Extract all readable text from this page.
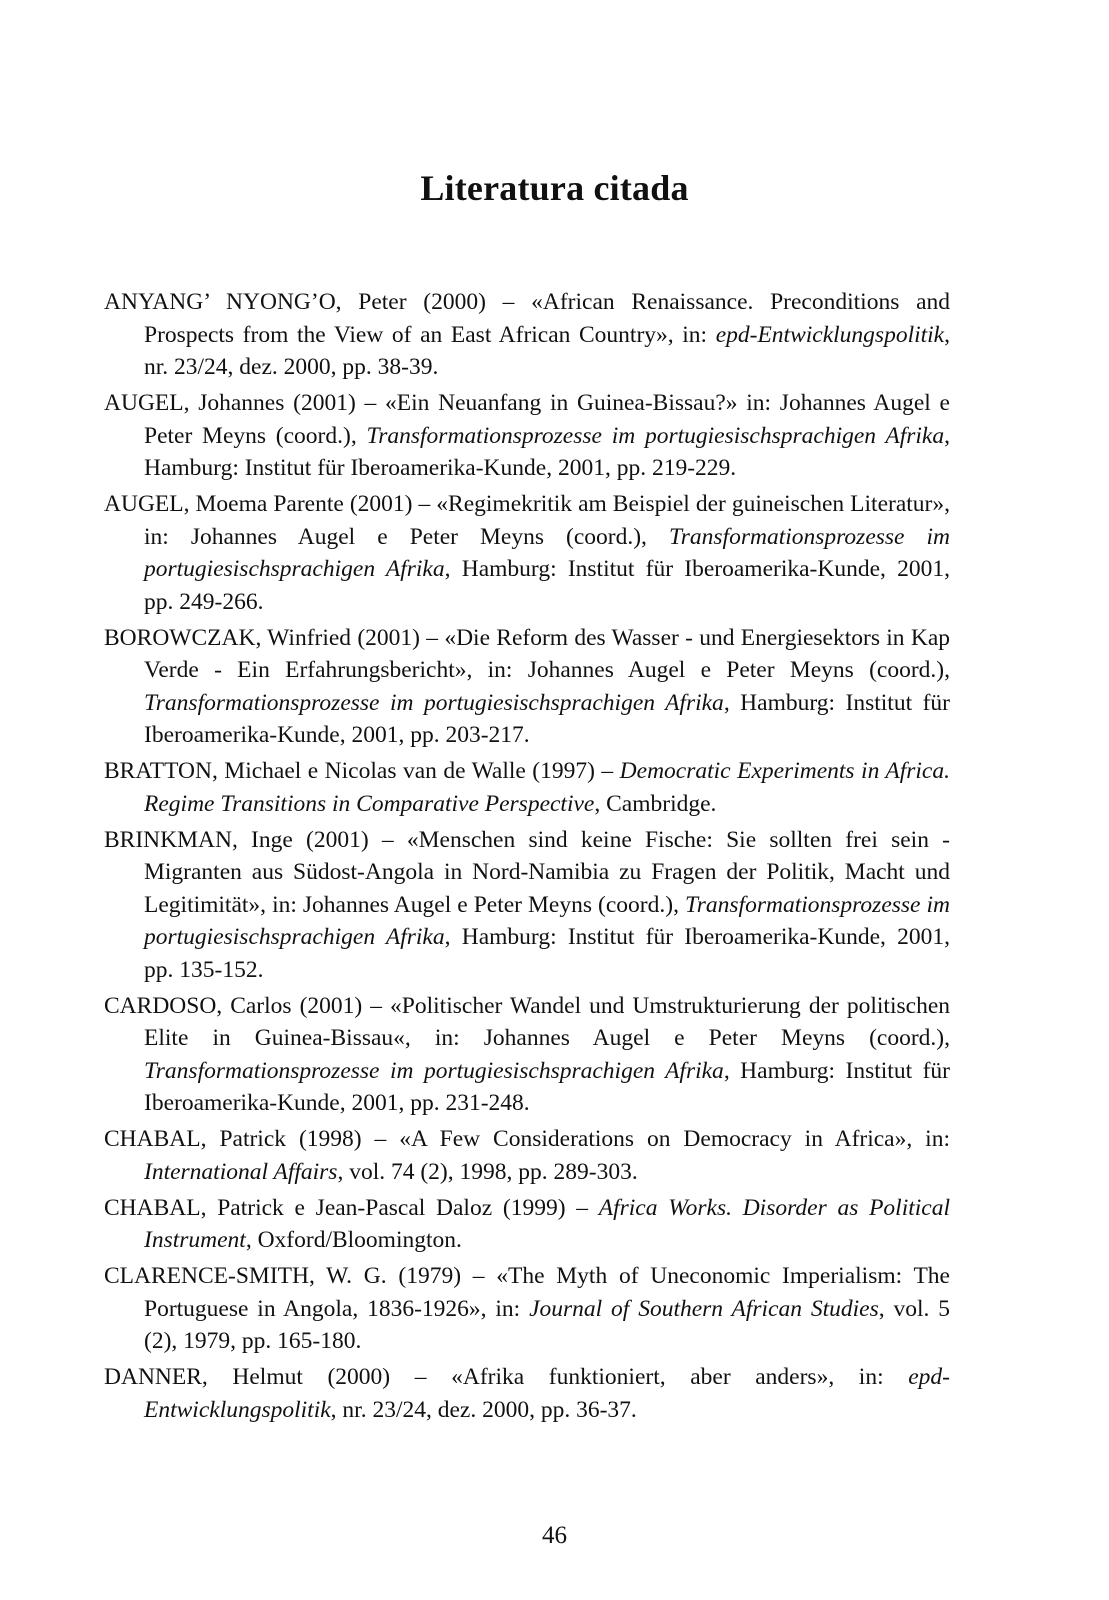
Literatura citada

ANYANG’ NYONG’O, Peter (2000) – «African Renaissance. Preconditions and Prospects from the View of an East African Country», in: epd-Entwicklungspolitik, nr. 23/24, dez. 2000, pp. 38-39.

AUGEL, Johannes (2001) – «Ein Neuanfang in Guinea-Bissau?» in: Johannes Augel e Peter Meyns (coord.), Transformationsprozesse im portugiesischsprachigen Afrika, Hamburg: Institut für Iberoamerika-Kunde, 2001, pp. 219-229.

AUGEL, Moema Parente (2001) – «Regimekritik am Beispiel der guineischen Literatur», in: Johannes Augel e Peter Meyns (coord.), Transformationsprozesse im portugiesischsprachigen Afrika, Hamburg: Institut für Iberoamerika-Kunde, 2001, pp. 249-266.

BOROWCZAK, Winfried (2001) – «Die Reform des Wasser - und Energiesektors in Kap Verde - Ein Erfahrungsbericht», in: Johannes Augel e Peter Meyns (coord.), Transformationsprozesse im portugiesischsprachigen Afrika, Hamburg: Institut für Iberoamerika-Kunde, 2001, pp. 203-217.

BRATTON, Michael e Nicolas van de Walle (1997) – Democratic Experiments in Africa. Regime Transitions in Comparative Perspective, Cambridge.

BRINKMAN, Inge (2001) – «Menschen sind keine Fische: Sie sollten frei sein - Migranten aus Südost-Angola in Nord-Namibia zu Fragen der Politik, Macht und Legitimität», in: Johannes Augel e Peter Meyns (coord.), Transformationsprozesse im portugiesischsprachigen Afrika, Hamburg: Institut für Iberoamerika-Kunde, 2001, pp. 135-152.

CARDOSO, Carlos (2001) – «Politischer Wandel und Umstrukturierung der politischen Elite in Guinea-Bissau«, in: Johannes Augel e Peter Meyns (coord.), Transformationsprozesse im portugiesischsprachigen Afrika, Hamburg: Institut für Iberoamerika-Kunde, 2001, pp. 231-248.

CHABAL, Patrick (1998) – «A Few Considerations on Democracy in Africa», in: International Affairs, vol. 74 (2), 1998, pp. 289-303.

CHABAL, Patrick e Jean-Pascal Daloz (1999) – Africa Works. Disorder as Political Instrument, Oxford/Bloomington.

CLARENCE-SMITH, W. G. (1979) – «The Myth of Uneconomic Imperialism: The Portuguese in Angola, 1836-1926», in: Journal of Southern African Studies, vol. 5 (2), 1979, pp. 165-180.

DANNER, Helmut (2000) – «Afrika funktioniert, aber anders», in: epd-Entwicklungspolitik, nr. 23/24, dez. 2000, pp. 36-37.

46
